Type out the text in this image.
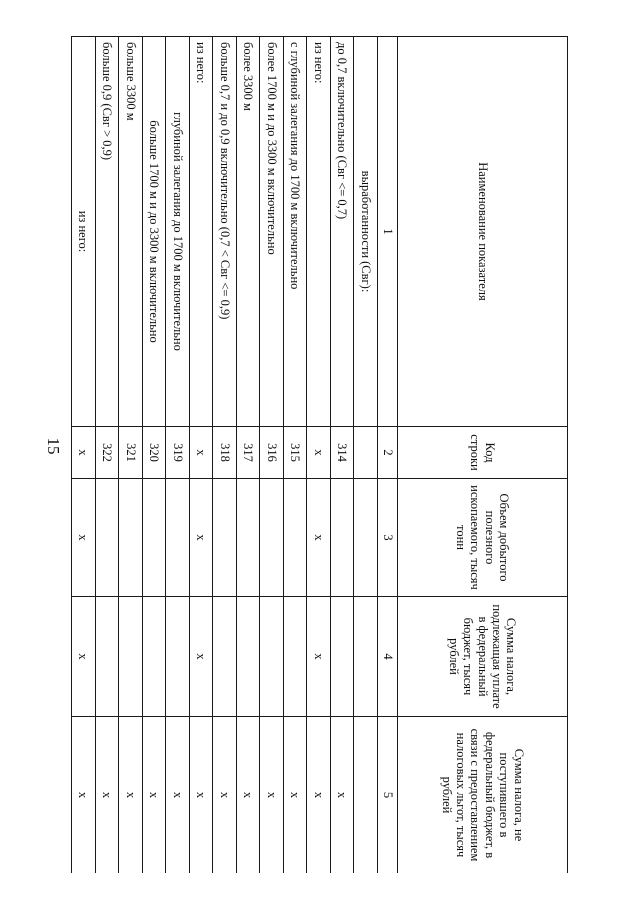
15
Наименование показателя	Код строки	Объем добытого полезного ископаемого, тысяч тонн	Сумма налога, подлежащая уплате в федеральный бюджет, тысяч рублей	Сумма налога, не поступившего в федеральный бюджет, в связи с предоставлением налоговых льгот, тысяч рублей
1	2	3	4	5
выработанности (Свг):				
до 0,7 включительно (Свг <= 0,7)	314			x
из него:	x	x	x	x
с глубиной залегания до 1700 м включительно	315			x
более 1700 м и до 3300 м включительно	316			x
более 3300 м	317			x
больше 0,7 и до 0,9 включительно (0,7 < Свг <= 0,9)	318			x
из него:	x	x	x	x
глубиной залегания до 1700 м включительно	319			x
больше 1700 м и до 3300 м включительно	320			x
больше 3300 м	321			x
больше 0,9 (Свг > 0,9)	322			x
из него:	x	x	x	x
